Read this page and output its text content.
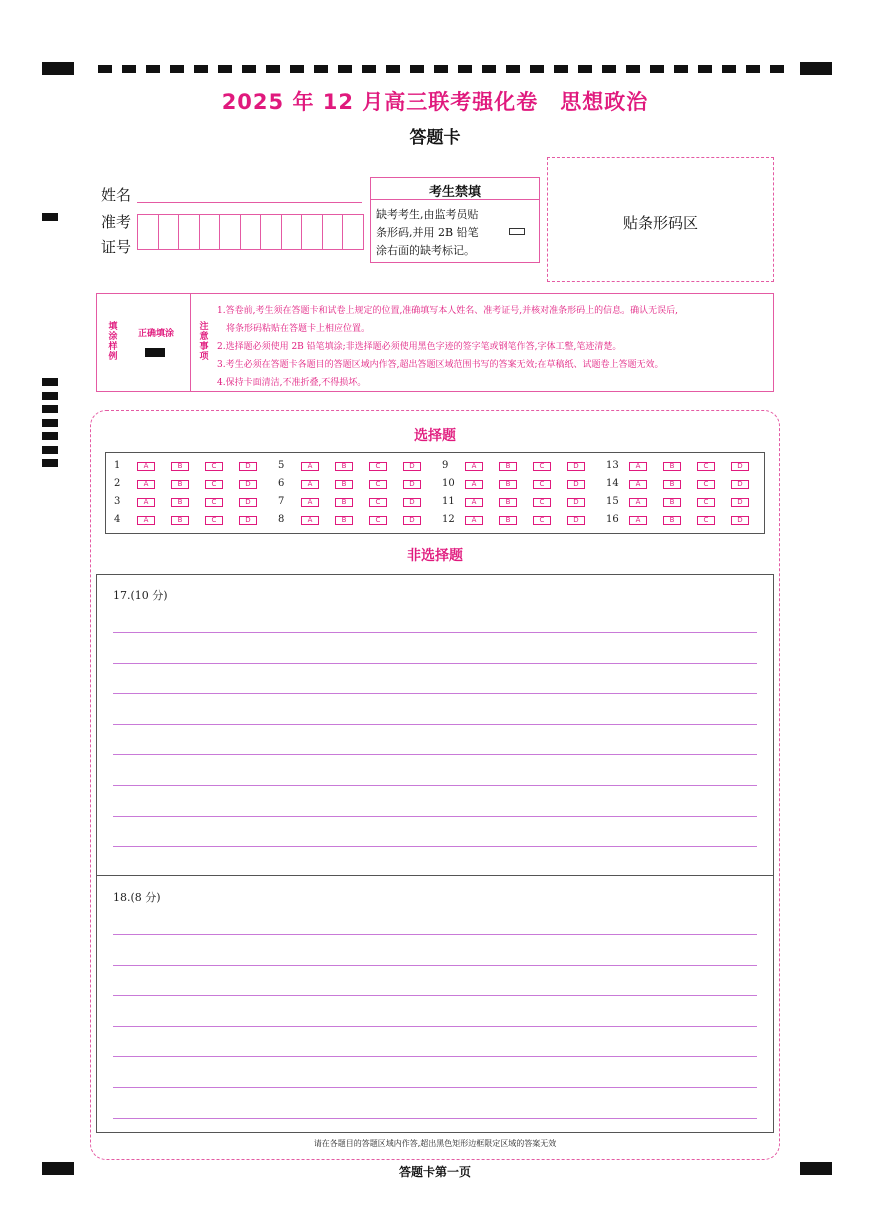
2025 年 12 月高三联考强化卷　思想政治
答题卡
姓名
准考
证号
考生禁填
缺考考生,由监考员贴
条形码,并用 2B 铅笔
涂右面的缺考标记。
贴条形码区
填
涂
样
例
正确填涂
注
意
事
项
1.答卷前,考生须在答题卡和试卷上规定的位置,准确填写本人姓名、准考证号,并核对准条形码上的信息。确认无误后,
　将条形码粘贴在答题卡上相应位置。
2.选择题必须使用 2B 铅笔填涂;非选择题必须使用黑色字迹的签字笔或钢笔作答,字体工整,笔迹清楚。
3.考生必须在答题卡各题目的答题区域内作答,超出答题区域范围书写的答案无效;在草稿纸、试题卷上答题无效。
4.保持卡面清洁,不准折叠,不得损坏。
选择题
1	A	B	C	D
2	A	B	C	D
3	A	B	C	D
4	A	B	C	D
5	A	B	C	D
6	A	B	C	D
7	A	B	C	D
8	A	B	C	D
9	A	B	C	D
10	A	B	C	D
11	A	B	C	D
12	A	B	C	D
13	A	B	C	D
14	A	B	C	D
15	A	B	C	D
16	A	B	C	D
非选择题
17.(10 分)
18.(8 分)
请在各题目的答题区域内作答,超出黑色矩形边框限定区域的答案无效
答题卡第一页
